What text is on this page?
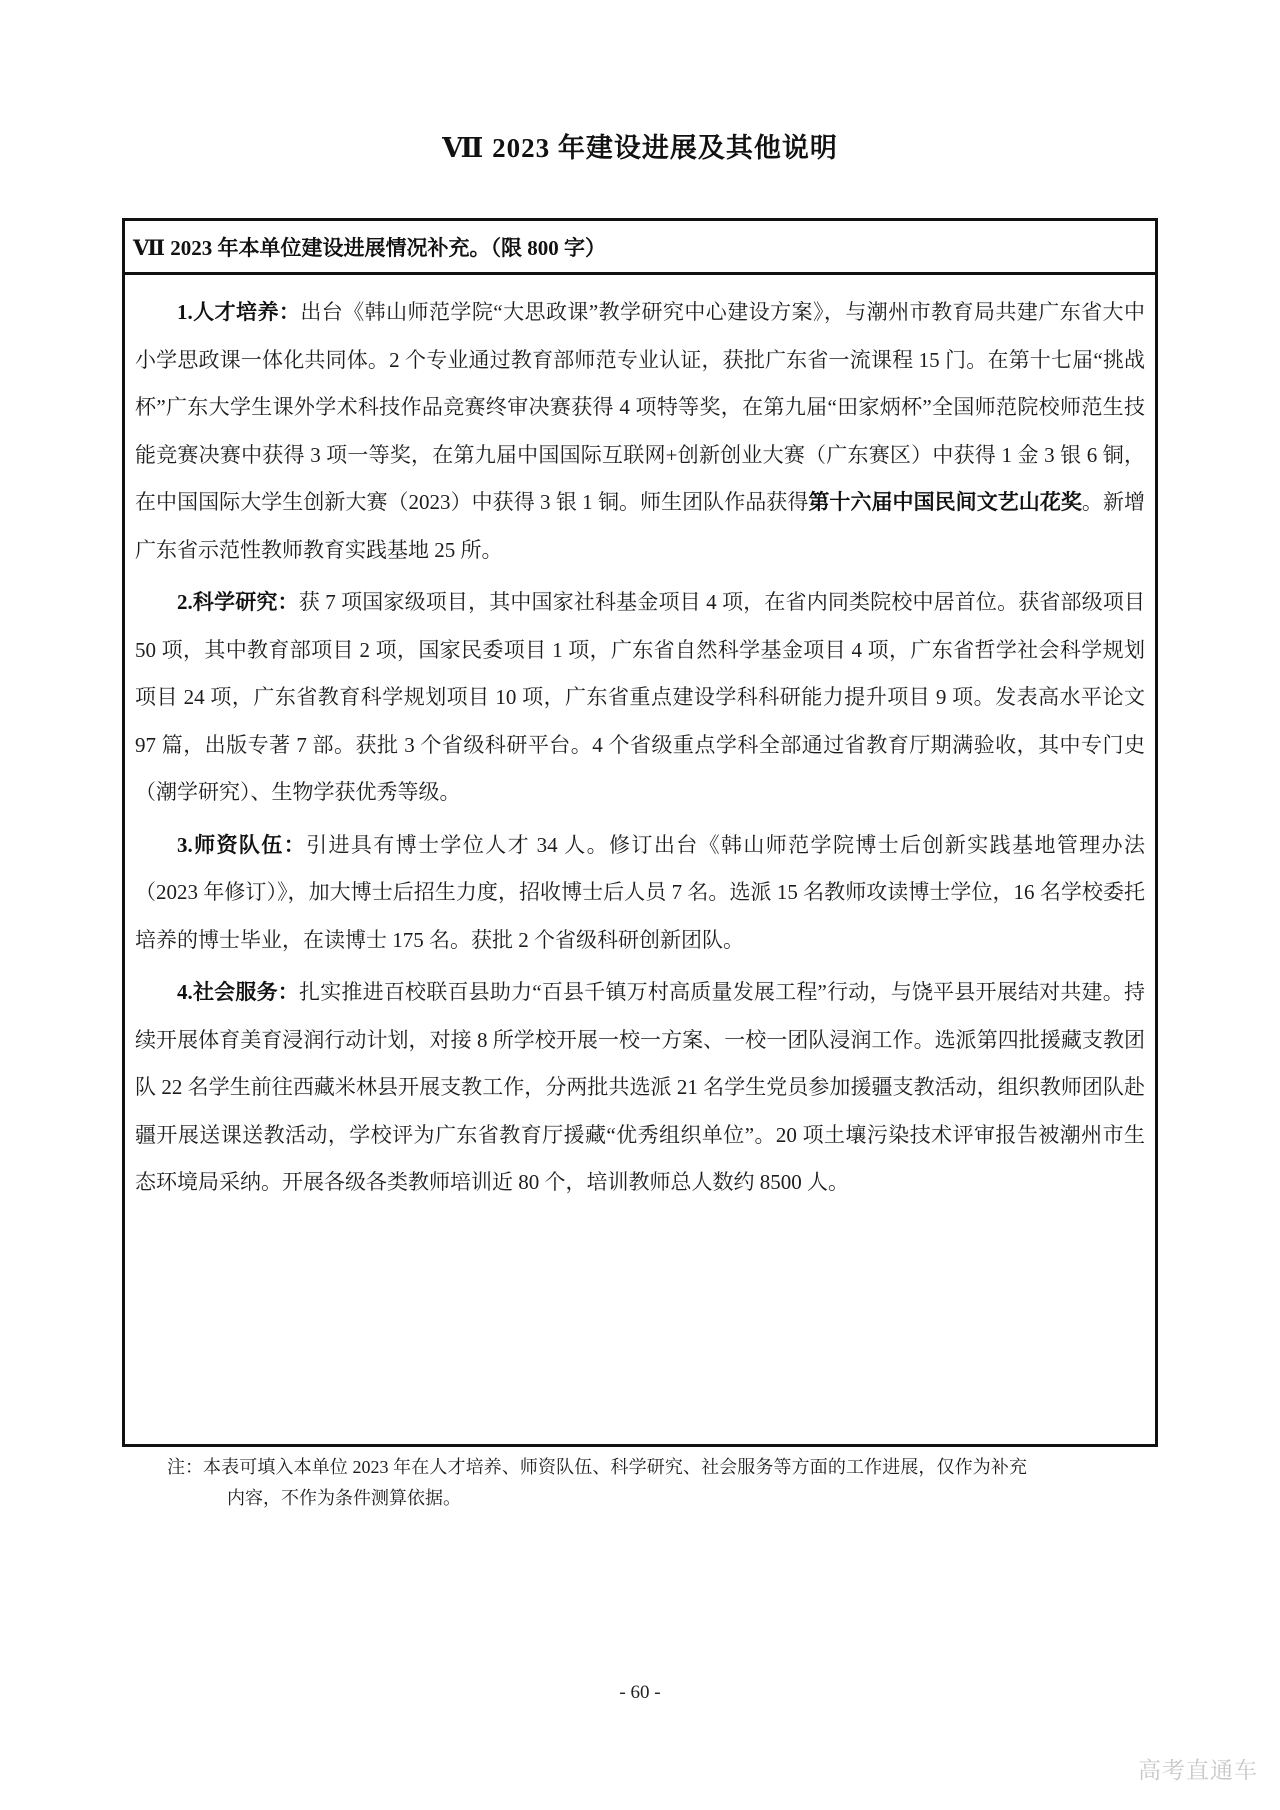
Ⅶ 2023 年建设进展及其他说明
Ⅶ 2023 年本单位建设进展情况补充。（限 800 字）

1.人才培养：出台《韩山师范学院“大思政课”教学研究中心建设方案》，与潮州市教育局共建广东省大中小学思政课一体化共同体。2 个专业通过教育部师范专业认证，获批广东省一流课程 15 门。在第十七届“挑战杯”广东大学生课外学术科技作品竞赛终审决赛获得 4 项特等奖，在第九届“田家炳杯”全国师范院校师范生技能竞赛决赛中获得 3 项一等奖，在第九届中国国际互联网+创新创业大赛（广东赛区）中获得 1 金 3 银 6 铜，在中国国际大学生创新大赛（2023）中获得 3 银 1 铜。师生团队作品获得第十六届中国民间文艺山花奖。新增广东省示范性教师教育实践基地 25 所。

2.科学研究：获 7 项国家级项目，其中国家社科基金项目 4 项，在省内同类院校中居首位。获省部级项目 50 项，其中教育部项目 2 项，国家民委项目 1 项，广东省自然科学基金项目 4 项，广东省哲学社会科学规划项目 24 项，广东省教育科学规划项目 10 项，广东省重点建设学科科研能力提升项目 9 项。发表高水平论文 97 篇，出版专著 7 部。获批 3 个省级科研平台。4 个省级重点学科全部通过省教育厅期满验收，其中专门史（潮学研究）、生物学获优秀等级。

3.师资队伍：引进具有博士学位人才 34 人。修订出台《韩山师范学院博士后创新实践基地管理办法（2023 年修订）》，加大博士后招生力度，招收博士后人员 7 名。选派 15 名教师攻读博士学位，16 名学校委托培养的博士毕业，在读博士 175 名。获批 2 个省级科研创新团队。

4.社会服务：扎实推进百校联百县助力“百县千镇万村高质量发展工程”行动，与饶平县开展结对共建。持续开展体育美育浸润行动计划，对接 8 所学校开展一校一方案、一校一团队浸润工作。选派第四批援藏支教团队 22 名学生前往西藏米林县开展支教工作，分两批共选派 21 名学生党员参加援疆支教活动，组织教师团队赴疆开展送课送教活动，学校评为广东省教育厅援藏“优秀组织单位”。20 项土壤污染技术评审报告被潮州市生态环境局采纳。开展各级各类教师培训近 80 个，培训教师总人数约 8500 人。

注： 本表可填入本单位 2023 年在人才培养、师资队伍、科学研究、社会服务等方面的工作进展，仅作为补充内容，不作为条件测算依据。
- 60 -
高考直通车
